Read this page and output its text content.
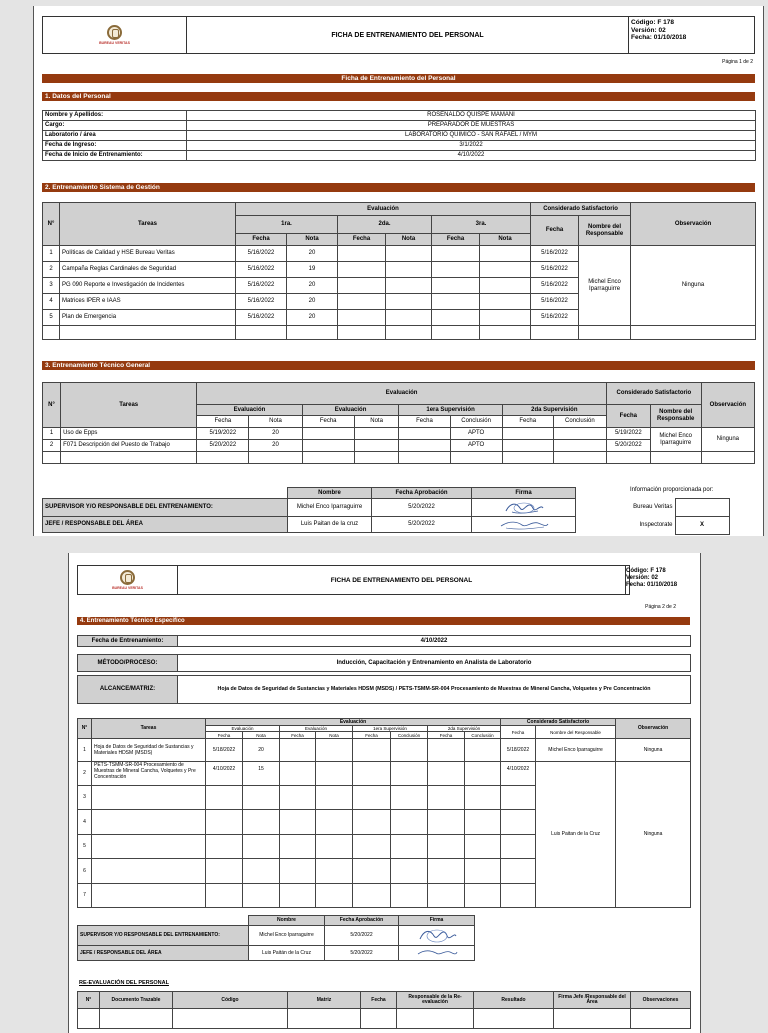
BUREAU VERITAS
FICHA DE ENTRENAMIENTO DEL PERSONAL
Código: F 178
Versión: 02
Fecha: 01/10/2018
Página 1 de 2
Ficha de Entrenamiento del Personal
1. Datos del Personal
Nombre y Apellidos:	ROSENALDO QUISPE MAMANI
Cargo:	PREPARADOR DE MUESTRAS
Laboratorio / área	LABORATORIO QUIMICO - SAN RAFAEL / MYM
Fecha de Ingreso:	3/1/2022
Fecha de Inicio de Entrenamiento:	4/10/2022
2. Entrenamiento Sistema de Gestión
N°	Tareas	Evaluación						Considerado Satisfactorio		Observación
		1ra.		2da.		3ra.		Fecha	Nombre del Responsable	
		Fecha	Nota	Fecha	Nota	Fecha	Nota			
1	Políticas de Calidad y HSE Bureau Veritas	5/16/2022	20					5/16/2022	Michel Enco Iparraguirre	Ninguna
2	Campaña Reglas Cardinales de Seguridad	5/16/2022	19					5/16/2022		
3	PG 090 Reporte e Investigación de Incidentes	5/16/2022	20					5/16/2022		
4	Matrices IPER e IAAS	5/16/2022	20					5/16/2022		
5	Plan de Emergencia	5/16/2022	20					5/16/2022		

3. Entrenamiento Técnico General
N°	Tareas	Evaluación								Considerado Satisfactorio		Observación
		Evaluación		Evaluación		1era Supervisión		2da Supervisión		Fecha	Nombre del Responsable	
		Fecha	Nota	Fecha	Nota	Fecha	Conclusión	Fecha	Conclusión			
1	Uso de Epps	5/19/2022	20				APTO			5/19/2022	Michel Enco Iparraguirre	Ninguna
2	F071 Descripción del Puesto de Trabajo	5/20/2022	20				APTO			5/20/2022		

	Nombre	Fecha Aprobación	Firma
SUPERVISOR Y/O RESPONSABLE DEL ENTRENAMIENTO:	Michel Enco Iparraguirre	5/20/2022	

JEFE / RESPONSABLE DEL ÁREA	Luis Paitan de la cruz	5/20/2022	
Información proporcionada por:
Bureau Veritas	
Inspectorate	X
BUREAU VERITAS
FICHA DE ENTRENAMIENTO DEL PERSONAL
Código: F 178
Versión: 02
Fecha: 01/10/2018
Página 2 de 2
4. Entrenamiento Técnico Específico
Fecha de Entrenamiento:	4/10/2022
MÉTODO/PROCESO:	Inducción, Capacitación y Entrenamiento en Analista de Laboratorio

ALCANCE/MATRIZ:	Hoja de Datos de Seguridad de Sustancias y Materiales HDSM (MSDS) / PETS-TSMM-SR-004 Procesamiento de Muestras de Mineral Cancha, Volquetes y Pre Concentración
N°	Tareas	Evaluación								Considerado Satisfactorio		Observación
		Evaluación		Evaluación		1era Supervisión		2da Supervisión		Fecha	Nombre del Responsable	
		Fecha	Nota	Fecha	Nota	Fecha	Conclusión	Fecha	Conclusión			
1	Hoja de Datos de Seguridad de Sustancias y Materiales HDSM (MSDS)	5/18/2022	20							5/18/2022	Michel Enco Iparraguirre	Ninguna
2	PETS-TSMM-SR-004 Procesamiento de Muestras de Mineral Cancha, Volquetes y Pre Concentración	4/10/2022	15							4/10/2022	Luis Paitan de la Cruz	Ninguna
3												
4												
5												
6												
7												
	Nombre	Fecha Aprobación	Firma
SUPERVISOR Y/O RESPONSABLE DEL ENTRENAMIENTO:	Michel Enco Iparraguirre	5/20/2022	

JEFE / RESPONSABLE DEL ÁREA	Luis Paitán de la Cruz	5/20/2022	
RE-EVALUACIÓN DEL PERSONAL
N°	Documento Trazable	Código	Matriz	Fecha	Responsable de la Re-evaluación	Resultado	Firma Jefe /Responsable del Área	Observaciones
